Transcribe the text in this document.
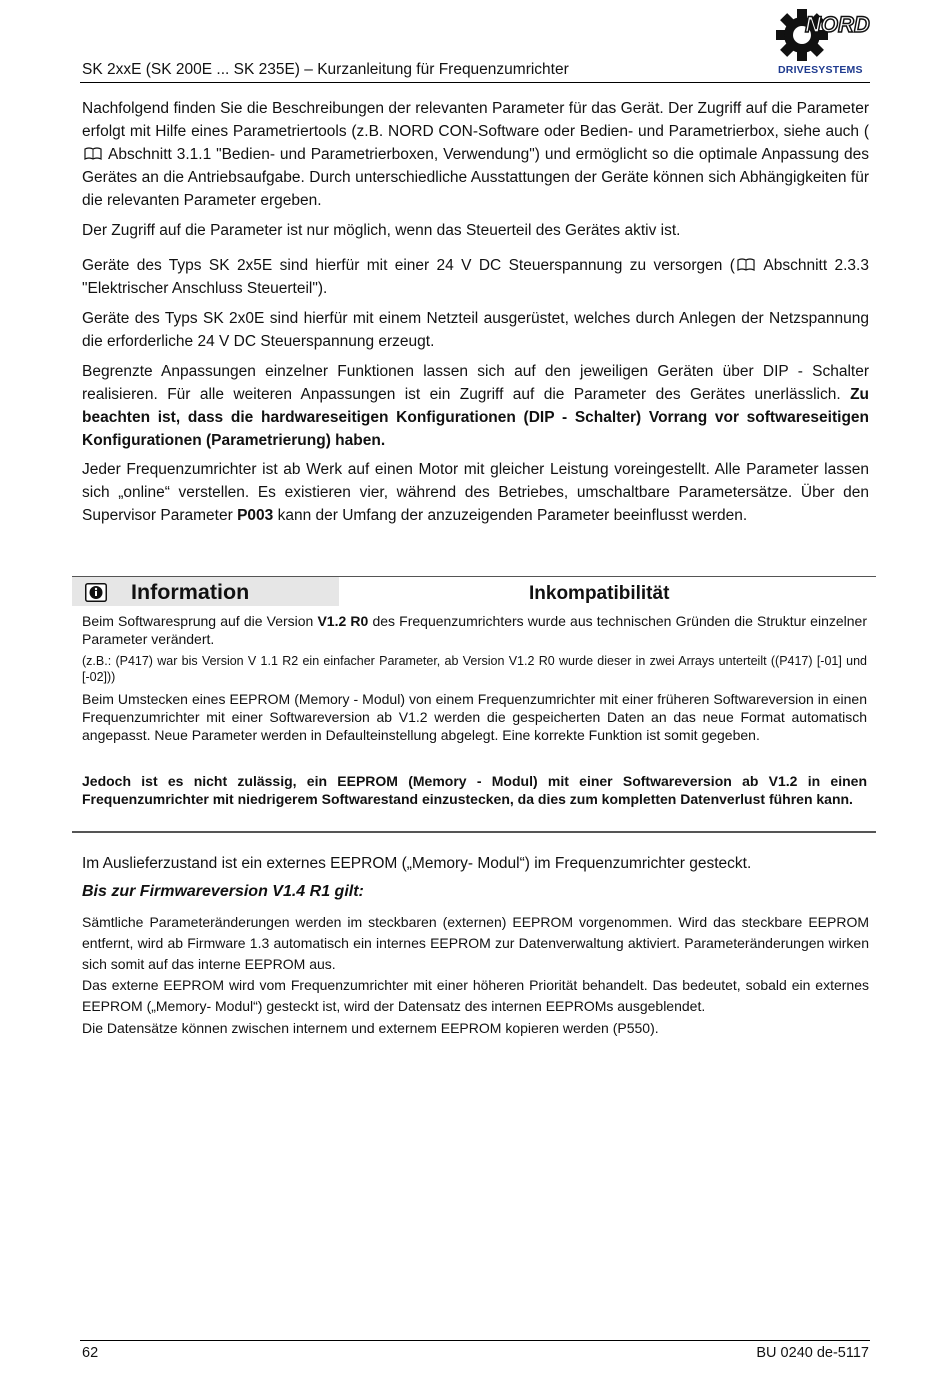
SK 2xxE (SK 200E ... SK 235E) – Kurzanleitung für Frequenzumrichter
NORD
DRIVESYSTEMS

Nachfolgend finden Sie die Beschreibungen der relevanten Parameter für das Gerät. Der Zugriff auf die Parameter erfolgt mit Hilfe eines Parametriertools (z.B. NORD CON-Software oder Bedien- und Parametrierbox, siehe auch ( Abschnitt 3.1.1 "Bedien- und Parametrierboxen, Verwendung") und ermöglicht so die optimale Anpassung des Gerätes an die Antriebsaufgabe. Durch unterschiedliche Ausstattungen der Geräte können sich Abhängigkeiten für die relevanten Parameter ergeben.

Der Zugriff auf die Parameter ist nur möglich, wenn das Steuerteil des Gerätes aktiv ist.

Geräte des Typs SK 2x5E sind hierfür mit einer 24 V DC Steuerspannung zu versorgen ( Abschnitt 2.3.3 "Elektrischer Anschluss Steuerteil").

Geräte des Typs SK 2x0E sind hierfür mit einem Netzteil ausgerüstet, welches durch Anlegen der Netzspannung die erforderliche 24 V DC Steuerspannung erzeugt.

Begrenzte Anpassungen einzelner Funktionen lassen sich auf den jeweiligen Geräten über DIP - Schalter realisieren. Für alle weiteren Anpassungen ist ein Zugriff auf die Parameter des Gerätes unerlässlich. Zu beachten ist, dass die hardwareseitigen Konfigurationen (DIP - Schalter) Vorrang vor softwareseitigen Konfigurationen (Parametrierung) haben.

Jeder Frequenzumrichter ist ab Werk auf einen Motor mit gleicher Leistung voreingestellt. Alle Parameter lassen sich „online“ verstellen. Es existieren vier, während des Betriebes, umschaltbare Parametersätze. Über den Supervisor Parameter P003 kann der Umfang der anzuzeigenden Parameter beeinflusst werden.

Information	Inkompatibilität

Beim Softwaresprung auf die Version V1.2 R0 des Frequenzumrichters wurde aus technischen Gründen die Struktur einzelner Parameter verändert.

(z.B.: (P417) war bis Version V 1.1 R2 ein einfacher Parameter, ab Version V1.2 R0 wurde dieser in zwei Arrays unterteilt ((P417) [-01] und [-02]))

Beim Umstecken eines EEPROM (Memory - Modul) von einem Frequenzumrichter mit einer früheren Softwareversion in einen Frequenzumrichter mit einer Softwareversion ab V1.2 werden die gespeicherten Daten an das neue Format automatisch angepasst. Neue Parameter werden in Defaulteinstellung abgelegt. Eine korrekte Funktion ist somit gegeben.

Jedoch ist es nicht zulässig, ein EEPROM (Memory - Modul) mit einer Softwareversion ab V1.2 in einen Frequenzumrichter mit niedrigerem Softwarestand einzustecken, da dies zum kompletten Datenverlust führen kann.

Im Auslieferzustand ist ein externes EEPROM („Memory- Modul“) im Frequenzumrichter gesteckt.

Bis zur Firmwareversion V1.4 R1 gilt:

Sämtliche Parameteränderungen werden im steckbaren (externen) EEPROM vorgenommen. Wird das steckbare EEPROM entfernt, wird ab Firmware 1.3 automatisch ein internes EEPROM zur Datenverwaltung aktiviert. Parameteränderungen wirken sich somit auf das interne EEPROM aus.

Das externe EEPROM wird vom Frequenzumrichter mit einer höheren Priorität behandelt. Das bedeutet, sobald ein externes EEPROM („Memory- Modul“) gesteckt ist, wird der Datensatz des internen EEPROMs ausgeblendet.

Die Datensätze können zwischen internem und externem EEPROM kopieren werden (P550).

62	BU 0240 de-5117
